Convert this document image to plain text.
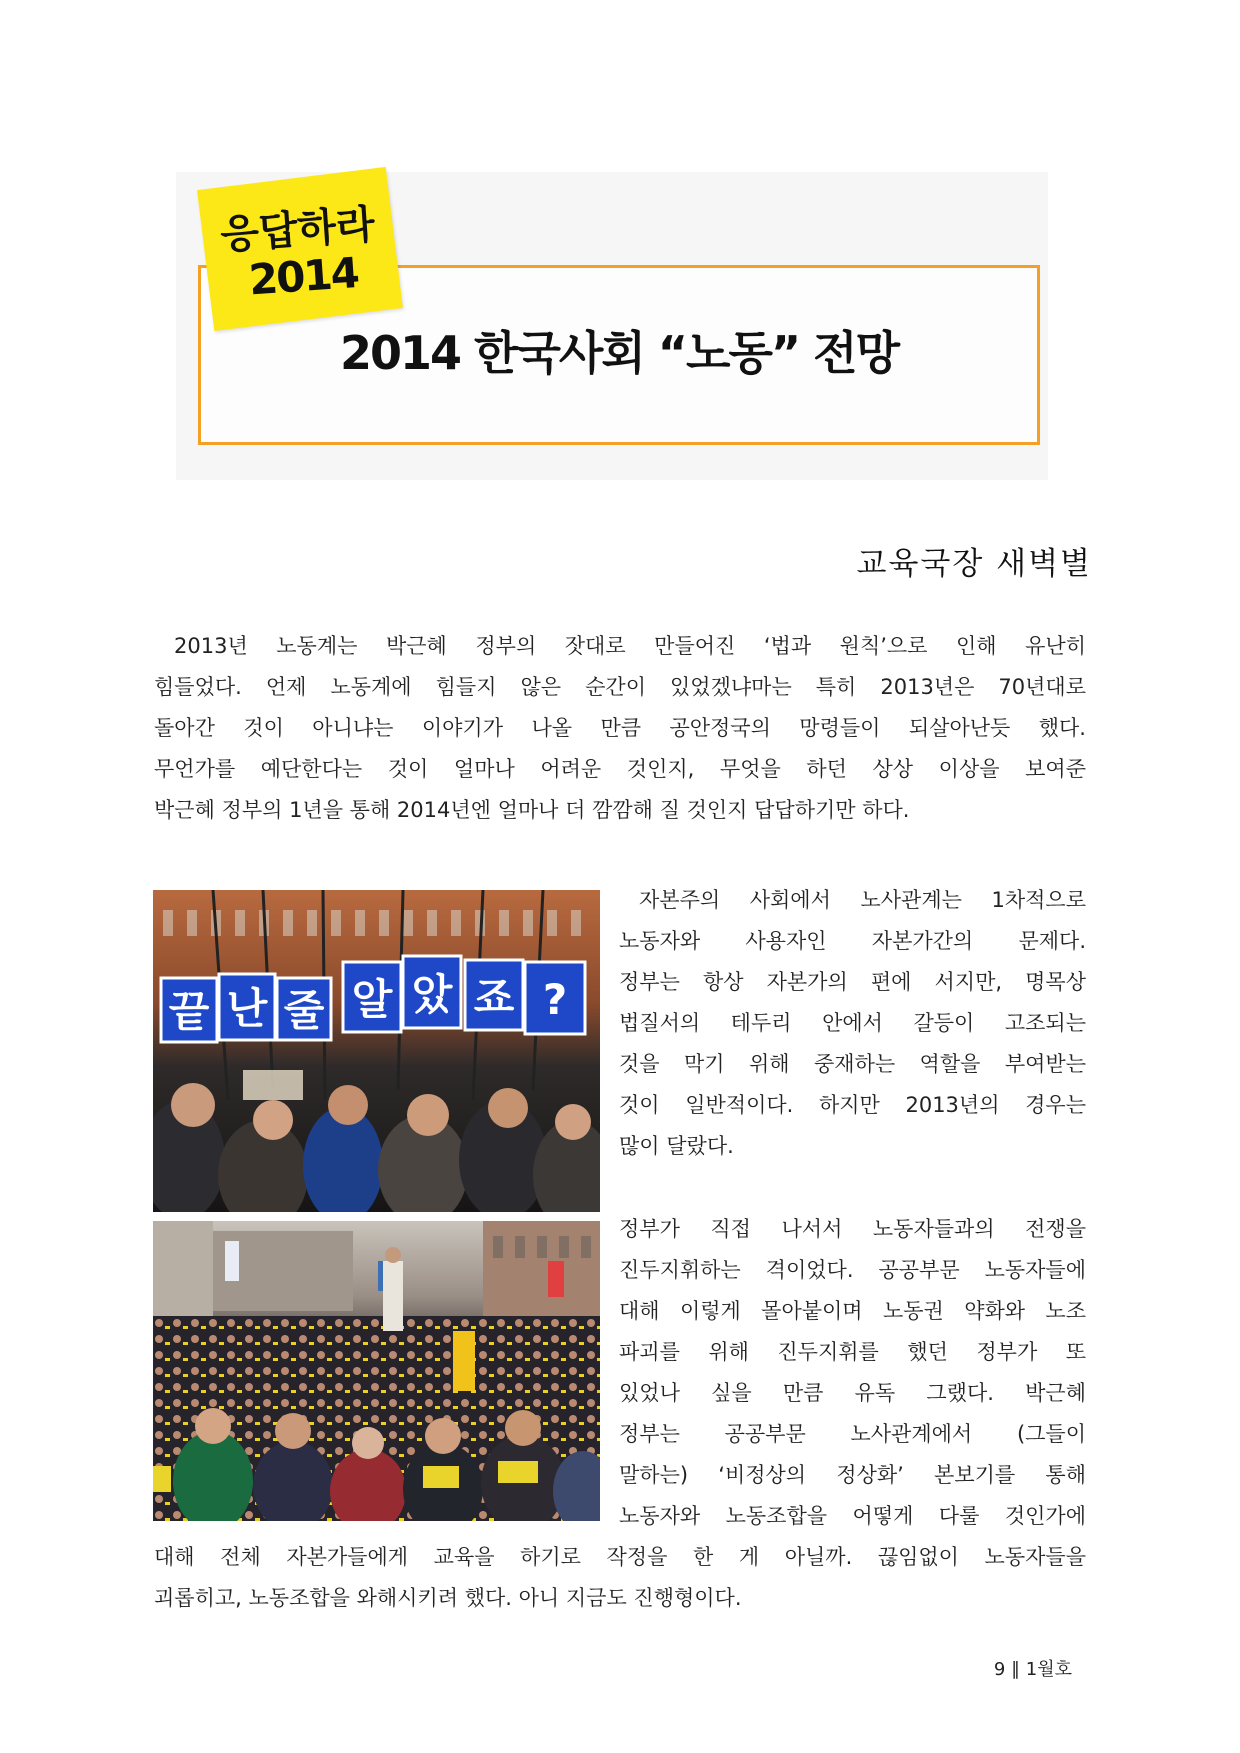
응답하라
2014
2014 한국사회 “노동” 전망
교육국장 새벽별
2013년 노동계는 박근혜 정부의 잣대로 만들어진 ‘법과 원칙’으로 인해 유난히
힘들었다. 언제 노동계에 힘들지 않은 순간이 있었겠냐마는 특히 2013년은 70년대로
돌아간 것이 아니냐는 이야기가 나올 만큼 공안정국의 망령들이 되살아난듯 했다.
무언가를 예단한다는 것이 얼마나 어려운 것인지, 무엇을 하던 상상 이상을 보여준
박근혜 정부의 1년을 통해 2014년엔 얼마나 더 깜깜해 질 것인지 답답하기만 하다.
끝 난 줄 알 았 죠 ?
자본주의 사회에서 노사관계는 1차적으로
노동자와 사용자인 자본가간의 문제다.
정부는 항상 자본가의 편에 서지만, 명목상
법질서의 테두리 안에서 갈등이 고조되는
것을 막기 위해 중재하는 역할을 부여받는
것이 일반적이다. 하지만 2013년의 경우는
많이 달랐다.
정부가 직접 나서서 노동자들과의 전쟁을
진두지휘하는 격이었다. 공공부문 노동자들에
대해 이렇게 몰아붙이며 노동권 약화와 노조
파괴를 위해 진두지휘를 했던 정부가 또
있었나 싶을 만큼 유독 그랬다. 박근혜
정부는 공공부문 노사관계에서 (그들이
말하는) ‘비정상의 정상화’ 본보기를 통해
노동자와 노동조합을 어떻게 다룰 것인가에
대해 전체 자본가들에게 교육을 하기로 작정을 한 게 아닐까. 끊임없이 노동자들을
괴롭히고, 노동조합을 와해시키려 했다. 아니 지금도 진행형이다.
9 ∥ 1월호
